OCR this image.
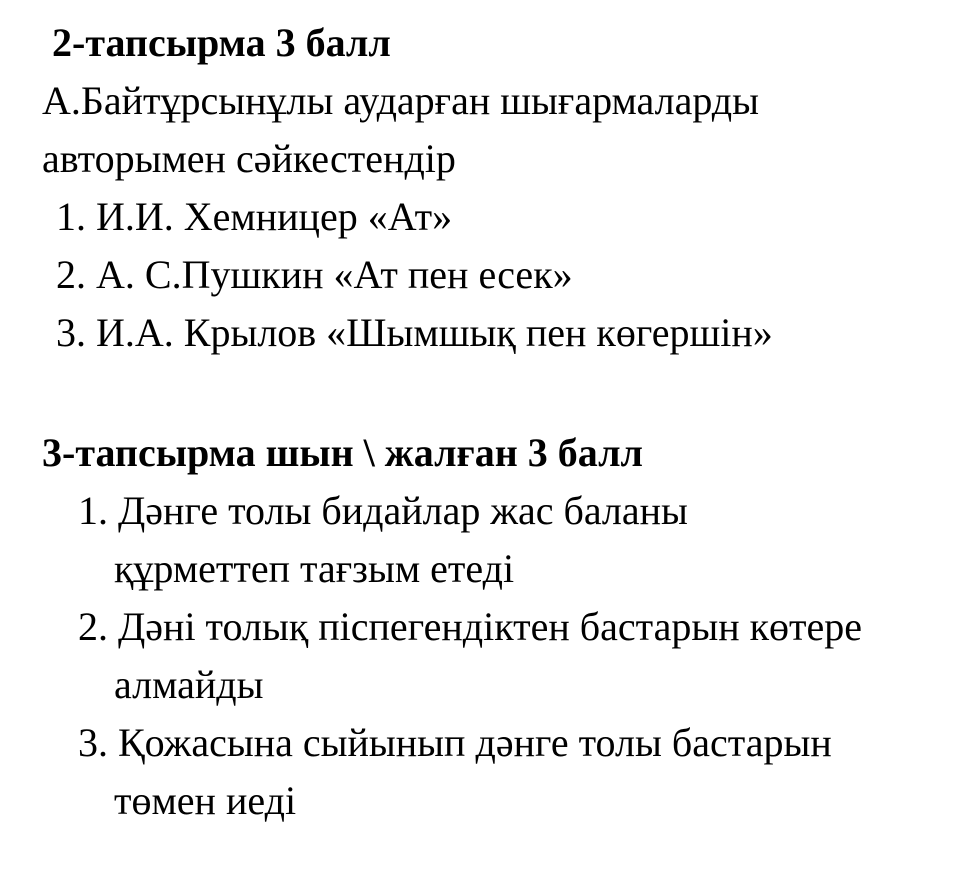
2-тапсырма 3 балл
А.Байтұрсынұлы аударған шығармаларды
авторымен сәйкестендір
1. И.И. Хемницер «Ат»
2. А. С.Пушкин «Ат пен есек»
3. И.А. Крылов «Шымшық пен көгершін»
3-тапсырма шын \ жалған 3 балл
1. Дәнге толы бидайлар жас баланы
құрметтеп тағзым етеді
2. Дәні толық піспегендіктен бастарын көтере
алмайды
3. Қожасына сыйынып дәнге толы бастарын
төмен иеді
